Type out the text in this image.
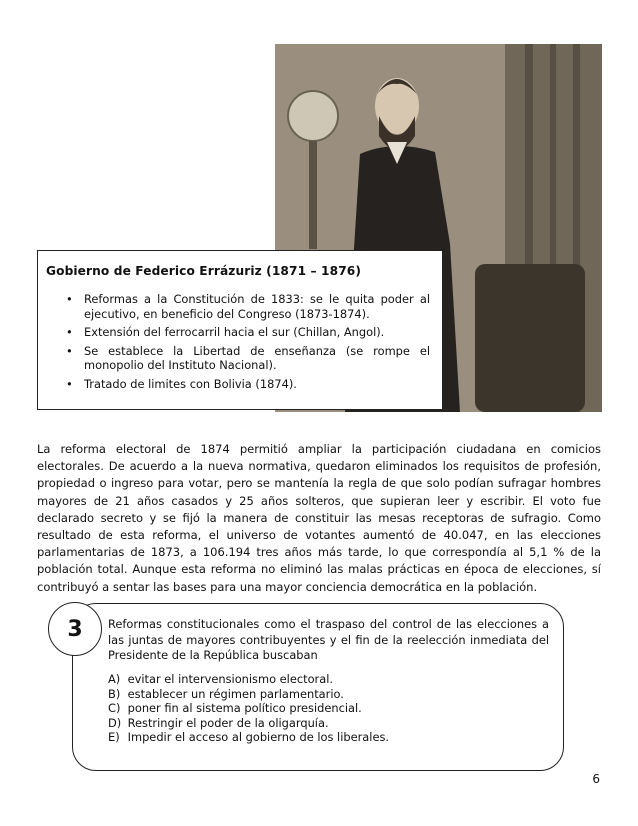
Gobierno de Federico Errázuriz (1871 – 1876)
• Reformas a la Constitución de 1833: se le quita poder al ejecutivo, en beneficio del Congreso (1873-1874).
• Extensión del ferrocarril hacia el sur (Chillan, Angol).
• Se establece la Libertad de enseñanza (se rompe el monopolio del Instituto Nacional).
• Tratado de limites con Bolivia (1874).

La reforma electoral de 1874 permitió ampliar la participación ciudadana en comicios electorales. De acuerdo a la nueva normativa, quedaron eliminados los requisitos de profesión, propiedad o ingreso para votar, pero se mantenía la regla de que solo podían sufragar hombres mayores de 21 años casados y 25 años solteros, que supieran leer y escribir. El voto fue declarado secreto y se fijó la manera de constituir las mesas receptoras de sufragio. Como resultado de esta reforma, el universo de votantes aumentó de 40.047, en las elecciones parlamentarias de 1873, a 106.194 tres años más tarde, lo que correspondía al 5,1 % de la población total. Aunque esta reforma no eliminó las malas prácticas en época de elecciones, sí contribuyó a sentar las bases para una mayor conciencia democrática en la población.

3	Reformas constitucionales como el traspaso del control de las elecciones a las juntas de mayores contribuyentes y el fin de la reelección inmediata del Presidente de la República buscaban

A) evitar el intervensionismo electoral.
B) establecer un régimen parlamentario.
C) poner fin al sistema político presidencial.
D) Restringir el poder de la oligarquía.
E) Impedir el acceso al gobierno de los liberales.
6
